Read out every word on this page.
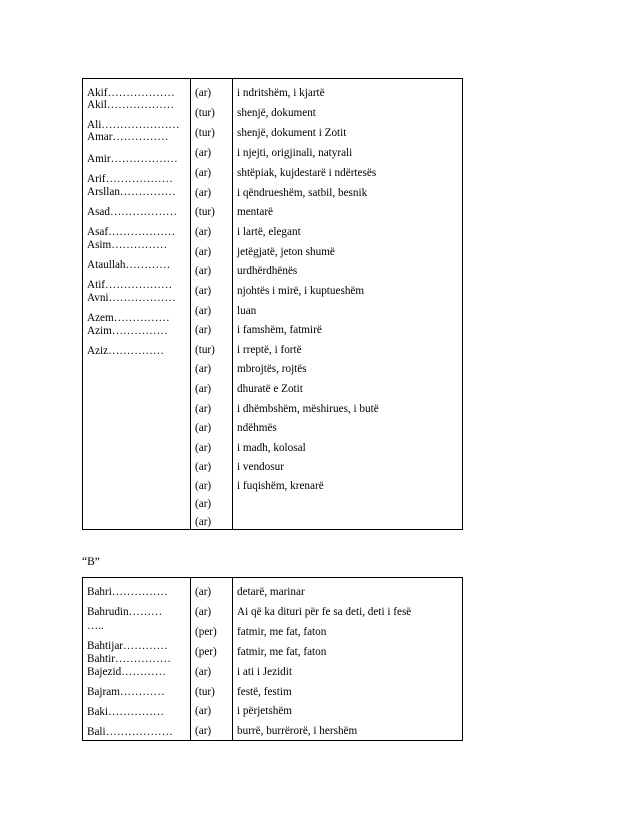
Akif………………
Akil………………
Ali…………………
Amar……………
Amir………………
Arif………………
Arsllan……………
Asad………………
Asaf………………
Asim……………
Ataullah…………
Atif………………
Avni………………
Azem……………
Azim……………
Aziz……………
(ar)
(tur)
(tur)
(ar)
(ar)
(ar)
(tur)
(ar)
(ar)
(ar)
(ar)
(ar)
(ar)
(tur)
(ar)
(ar)
(ar)
(ar)
(ar)
(ar)
(ar)
(ar)
(ar)
i ndritshëm, i kjartë
shenjë, dokument
shenjë, dokument i Zotit
i njejti, origjinali, natyrali
shtëpiak, kujdestarë i ndërtesës
i qëndrueshëm, satbil, besnik
mentarë
i lartë, elegant
jetëgjatë, jeton shumë
urdhërdhënës
njohtës i mirë, i kuptueshëm
luan
i famshëm, fatmirë
i rreptë, i fortë
mbrojtës, rojtës
dhuratë e Zotit
i dhëmbshëm, mëshirues, i butë
ndëhmës
i madh, kolosal
i vendosur
i fuqishëm, krenarë
“B”
Bahri……………
Bahrudin………
…..
Bahtijar…………
Bahtir……………
Bajezid…………
Bajram…………
Baki……………
Bali………………
(ar)
(ar)
(per)
(per)
(ar)
(tur)
(ar)
(ar)
detarë, marinar
Ai që ka dituri për fe sa deti, deti i fesë
fatmir, me fat, faton
fatmir, me fat, faton
i ati i Jezidit
festë, festim
i përjetshëm
burrë, burrërorë, i hershëm
